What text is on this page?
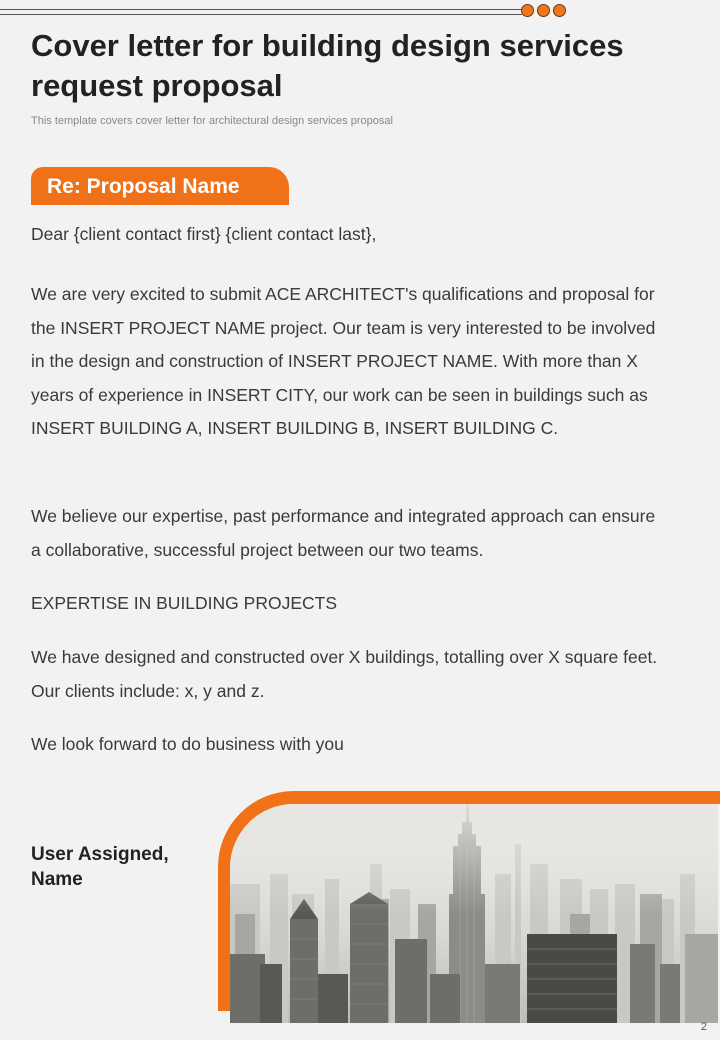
Cover letter for building design services request proposal

This template covers cover letter for architectural design services proposal

Re: Proposal Name

Dear {client contact first} {client contact last},

We are very excited to submit ACE ARCHITECT's qualifications and proposal for the INSERT PROJECT NAME project. Our team is very interested to be involved in the design and construction of INSERT PROJECT NAME. With more than X years of experience in INSERT CITY, our work can be seen in buildings such as INSERT BUILDING A, INSERT BUILDING B, INSERT BUILDING C.

We believe our expertise, past performance and integrated approach can ensure a collaborative, successful project between our two teams.

EXPERTISE IN BUILDING PROJECTS

We have designed and constructed over X buildings, totalling over X square feet. Our clients include: x, y and z.

We look forward to do business with you

User Assigned, Name

2
